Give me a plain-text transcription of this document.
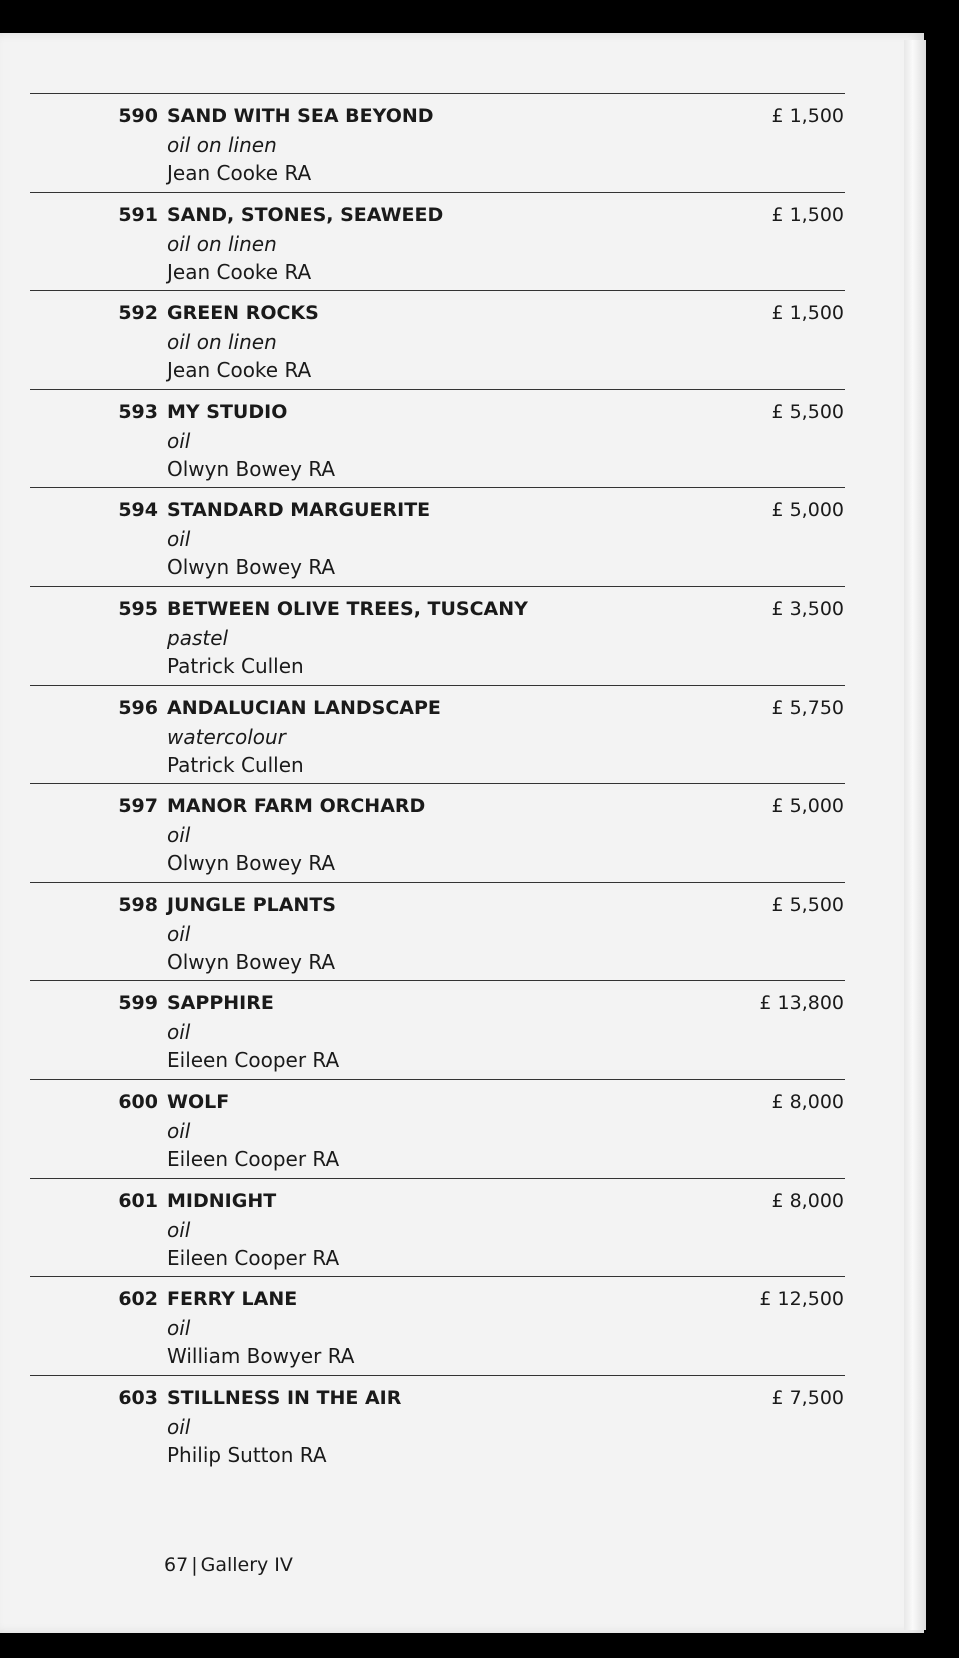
590 SAND WITH SEA BEYOND
oil on linen
Jean Cooke RA
£ 1,500
591 SAND, STONES, SEAWEED
oil on linen
Jean Cooke RA
£ 1,500
592 GREEN ROCKS
oil on linen
Jean Cooke RA
£ 1,500
593 MY STUDIO
oil
Olwyn Bowey RA
£ 5,500
594 STANDARD MARGUERITE
oil
Olwyn Bowey RA
£ 5,000
595 BETWEEN OLIVE TREES, TUSCANY
pastel
Patrick Cullen
£ 3,500
596 ANDALUCIAN LANDSCAPE
watercolour
Patrick Cullen
£ 5,750
597 MANOR FARM ORCHARD
oil
Olwyn Bowey RA
£ 5,000
598 JUNGLE PLANTS
oil
Olwyn Bowey RA
£ 5,500
599 SAPPHIRE
oil
Eileen Cooper RA
£ 13,800
600 WOLF
oil
Eileen Cooper RA
£ 8,000
601 MIDNIGHT
oil
Eileen Cooper RA
£ 8,000
602 FERRY LANE
oil
William Bowyer RA
£ 12,500
603 STILLNESS IN THE AIR
oil
Philip Sutton RA
£ 7,500
67 | Gallery IV
